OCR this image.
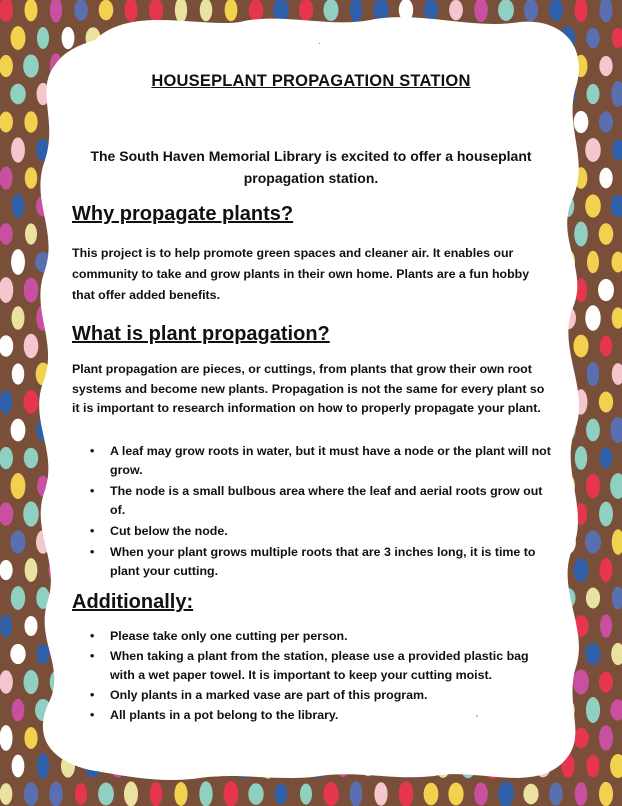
·
HOUSEPLANT PROPAGATION STATION
The South Haven Memorial Library is excited to offer a houseplant propagation station.
Why propagate plants?
This project is to help promote green spaces and cleaner air. It enables our community to take and grow plants in their own home. Plants are a fun hobby that offer added benefits.
What is plant propagation?
Plant propagation are pieces, or cuttings, from plants that grow their own root systems and become new plants. Propagation is not the same for every plant so it is important to research information on how to properly propagate your plant.
• A leaf may grow roots in water, but it must have a node or the plant will not grow.
• The node is a small bulbous area where the leaf and aerial roots grow out of.
• Cut below the node.
• When your plant grows multiple roots that are 3 inches long, it is time to plant your cutting.
Additionally:
• Please take only one cutting per person.
• When taking a plant from the station, please use a provided plastic bag with a wet paper towel. It is important to keep your cutting moist.
• Only plants in a marked vase are part of this program.
• All plants in a pot belong to the library.	'
